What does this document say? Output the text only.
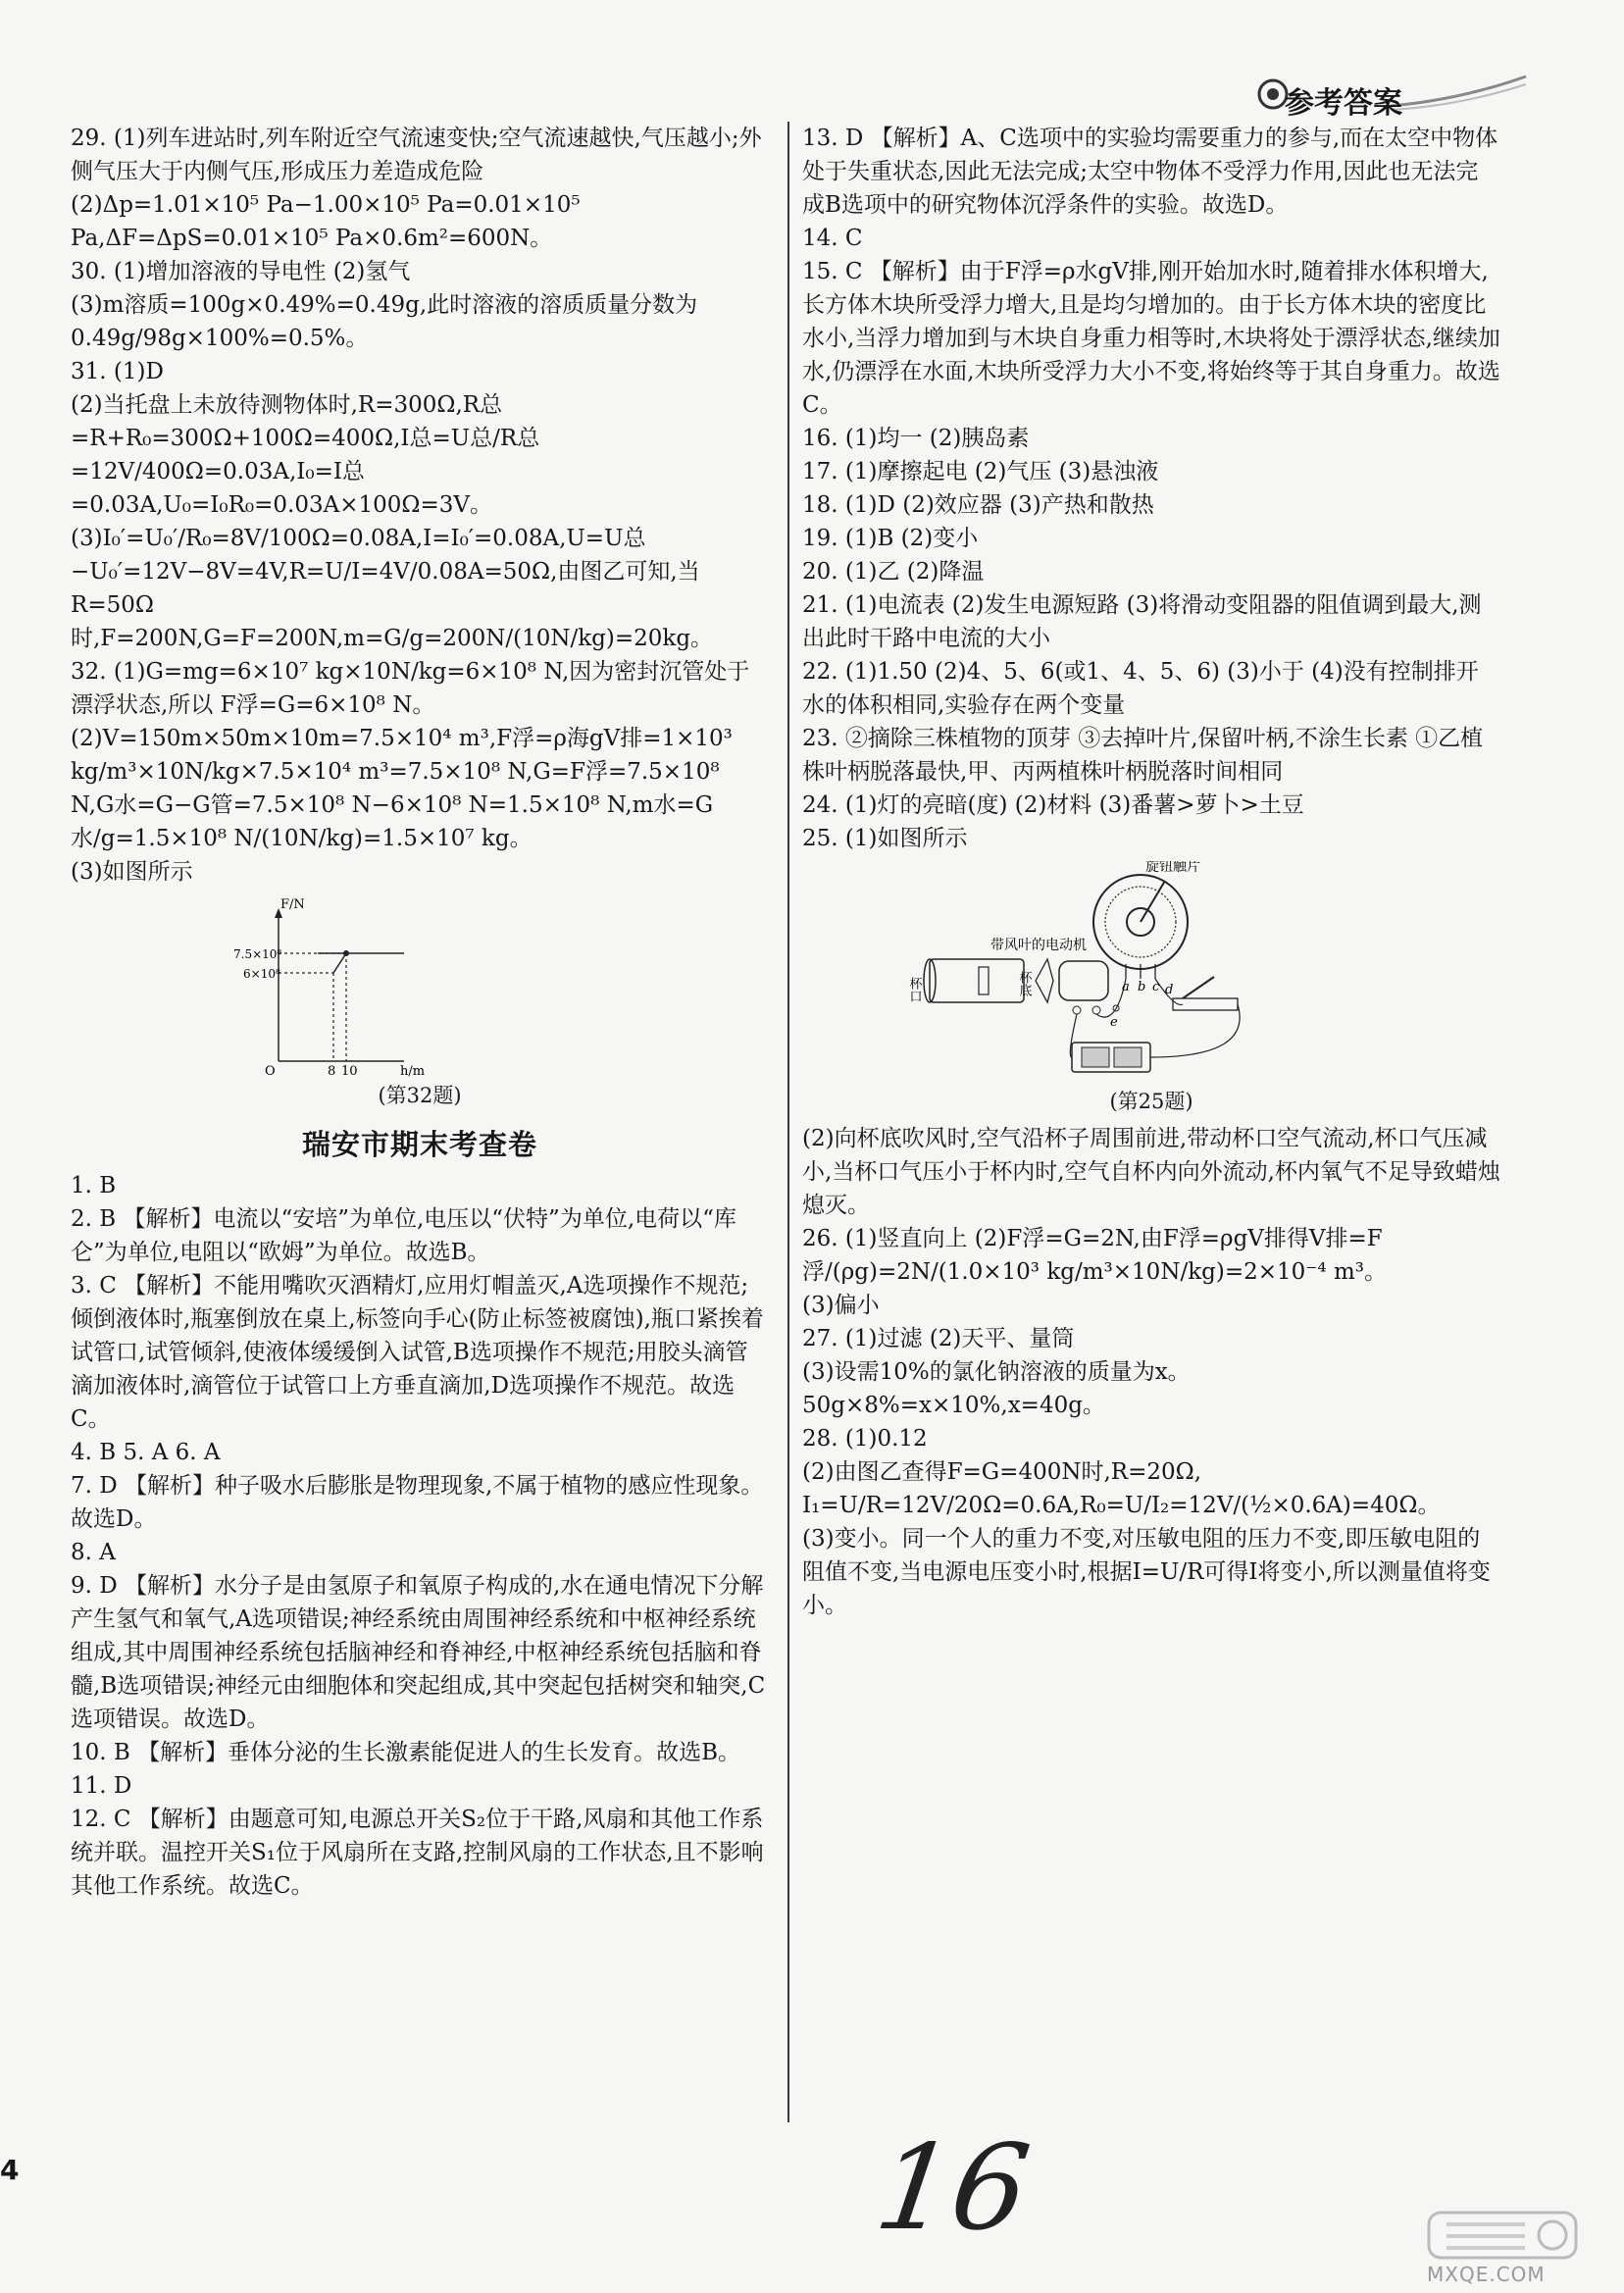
参考答案

29. (1)列车进站时,列车附近空气流速变快;空气流速越快,气压越小;外侧气压大于内侧气压,形成压力差造成危险

(2)Δp=1.01×10⁵ Pa−1.00×10⁵ Pa=0.01×10⁵ Pa,ΔF=ΔpS=0.01×10⁵ Pa×0.6m²=600N。

30. (1)增加溶液的导电性 (2)氢气

(3)m溶质=100g×0.49%=0.49g,此时溶液的溶质质量分数为 0.49g/98g×100%=0.5%。

31. (1)D

(2)当托盘上未放待测物体时,R=300Ω,R总=R+R₀=300Ω+100Ω=400Ω,I总=U总/R总=12V/400Ω=0.03A,I₀=I总=0.03A,U₀=I₀R₀=0.03A×100Ω=3V。

(3)I₀′=U₀′/R₀=8V/100Ω=0.08A,I=I₀′=0.08A,U=U总−U₀′=12V−8V=4V,R=U/I=4V/0.08A=50Ω,由图乙可知,当R=50Ω时,F=200N,G=F=200N,m=G/g=200N/(10N/kg)=20kg。

32. (1)G=mg=6×10⁷ kg×10N/kg=6×10⁸ N,因为密封沉管处于漂浮状态,所以 F浮=G=6×10⁸ N。

(2)V=150m×50m×10m=7.5×10⁴ m³,F浮=ρ海gV排=1×10³ kg/m³×10N/kg×7.5×10⁴ m³=7.5×10⁸ N,G=F浮=7.5×10⁸ N,G水=G−G管=7.5×10⁸ N−6×10⁸ N=1.5×10⁸ N,m水=G水/g=1.5×10⁸ N/(10N/kg)=1.5×10⁷ kg。

(3)如图所示

F/N
7.5×10⁸
6×10⁸
O	8 10	h/m
(第32题)
瑞安市期末考查卷

1. B

2. B 【解析】电流以“安培”为单位,电压以“伏特”为单位,电荷以“库仑”为单位,电阻以“欧姆”为单位。故选B。

3. C 【解析】不能用嘴吹灭酒精灯,应用灯帽盖灭,A选项操作不规范;倾倒液体时,瓶塞倒放在桌上,标签向手心(防止标签被腐蚀),瓶口紧挨着试管口,试管倾斜,使液体缓缓倒入试管,B选项操作不规范;用胶头滴管滴加液体时,滴管位于试管口上方垂直滴加,D选项操作不规范。故选C。

4. B 5. A 6. A

7. D 【解析】种子吸水后膨胀是物理现象,不属于植物的感应性现象。故选D。

8. A

9. D 【解析】水分子是由氢原子和氧原子构成的,水在通电情况下分解产生氢气和氧气,A选项错误;神经系统由周围神经系统和中枢神经系统组成,其中周围神经系统包括脑神经和脊神经,中枢神经系统包括脑和脊髓,B选项错误;神经元由细胞体和突起组成,其中突起包括树突和轴突,C选项错误。故选D。

10. B 【解析】垂体分泌的生长激素能促进人的生长发育。故选B。

11. D

12. C 【解析】由题意可知,电源总开关S₂位于干路,风扇和其他工作系统并联。温控开关S₁位于风扇所在支路,控制风扇的工作状态,且不影响其他工作系统。故选C。

13. D 【解析】A、C选项中的实验均需要重力的参与,而在太空中物体处于失重状态,因此无法完成;太空中物体不受浮力作用,因此也无法完成B选项中的研究物体沉浮条件的实验。故选D。

14. C

15. C 【解析】由于F浮=ρ水gV排,刚开始加水时,随着排水体积增大,长方体木块所受浮力增大,且是均匀增加的。由于长方体木块的密度比水小,当浮力增加到与木块自身重力相等时,木块将处于漂浮状态,继续加水,仍漂浮在水面,木块所受浮力大小不变,将始终等于其自身重力。故选C。

16. (1)均一 (2)胰岛素

17. (1)摩擦起电 (2)气压 (3)悬浊液

18. (1)D (2)效应器 (3)产热和散热

19. (1)B (2)变小

20. (1)乙 (2)降温

21. (1)电流表 (2)发生电源短路 (3)将滑动变阻器的阻值调到最大,测出此时干路中电流的大小

22. (1)1.50 (2)4、5、6(或1、4、5、6) (3)小于 (4)没有控制排开水的体积相同,实验存在两个变量

23. ②摘除三株植物的顶芽 ③去掉叶片,保留叶柄,不涂生长素 ①乙植株叶柄脱落最快,甲、丙两植株叶柄脱落时间相同

24. (1)灯的亮暗(度) (2)材料 (3)番薯>萝卜>土豆

25. (1)如图所示

旋钮触片
带风叶的电动机
杯口	杯底	a b c d
e
(第25题)

(2)向杯底吹风时,空气沿杯子周围前进,带动杯口空气流动,杯口气压减小,当杯口气压小于杯内时,空气自杯内向外流动,杯内氧气不足导致蜡烛熄灭。

26. (1)竖直向上 (2)F浮=G=2N,由F浮=ρgV排得V排=F浮/(ρg)=2N/(1.0×10³ kg/m³×10N/kg)=2×10⁻⁴ m³。

(3)偏小

27. (1)过滤 (2)天平、量筒

(3)设需10%的氯化钠溶液的质量为x。

50g×8%=x×10%,x=40g。

28. (1)0.12

(2)由图乙查得F=G=400N时,R=20Ω,

I₁=U/R=12V/20Ω=0.6A,R₀=U/I₂=12V/(½×0.6A)=40Ω。

(3)变小。同一个人的重力不变,对压敏电阻的压力不变,即压敏电阻的阻值不变,当电源电压变小时,根据I=U/R可得I将变小,所以测量值将变小。

4	16
MXQE.COM
